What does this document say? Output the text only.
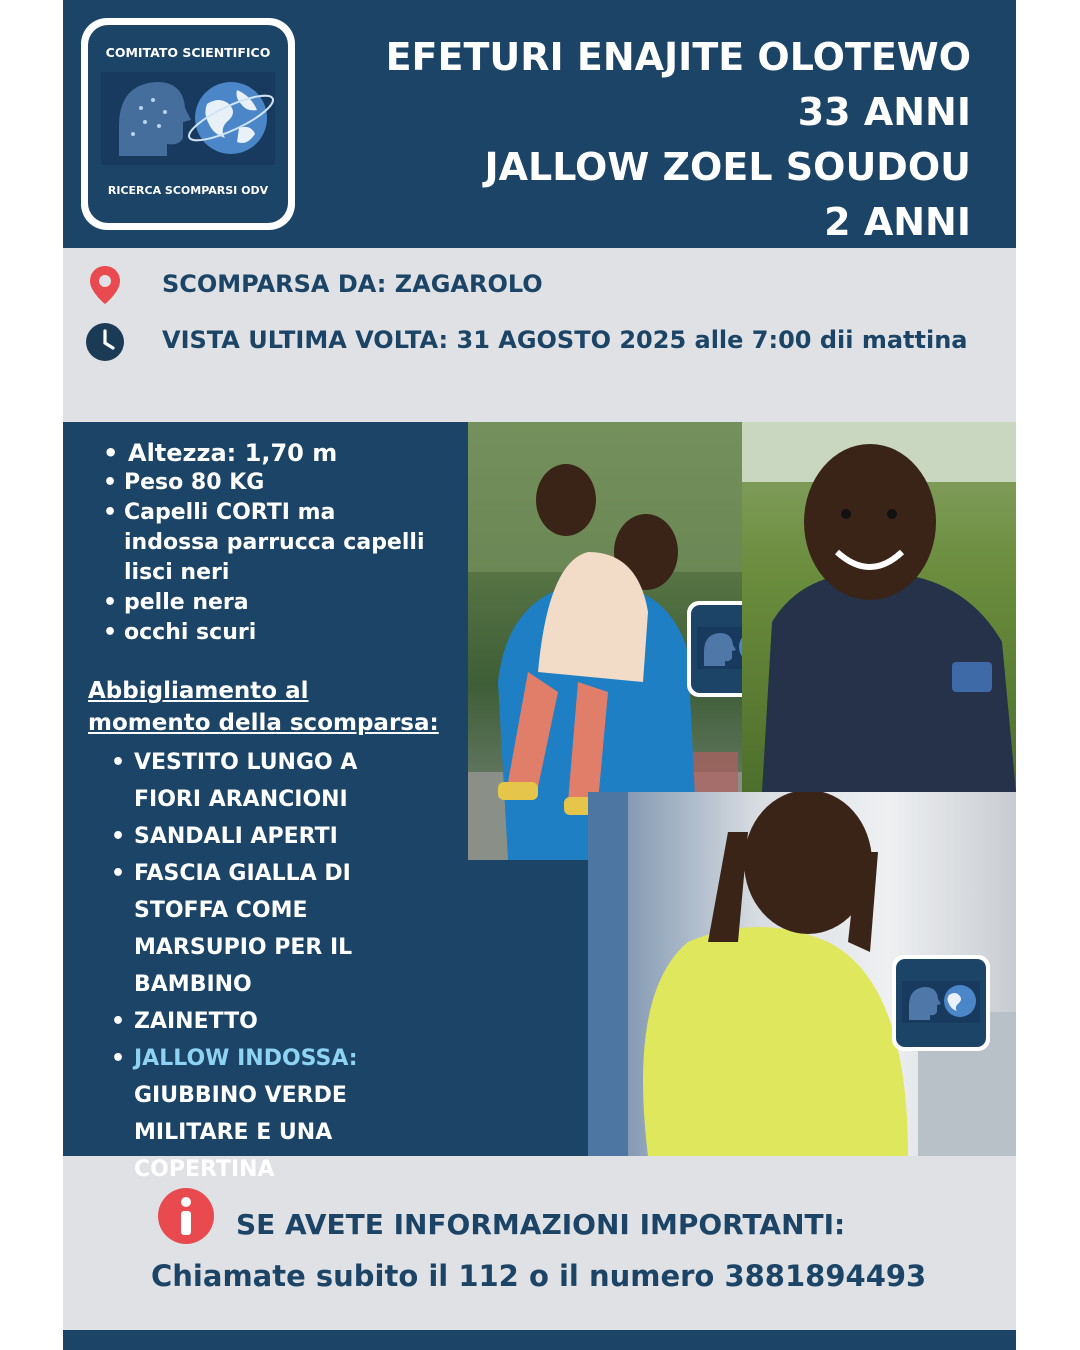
COMITATO SCIENTIFICO
RICERCA SCOMPARSI ODV
EFETURI ENAJITE OLOTEWO
33 ANNI
JALLOW ZOEL SOUDOU
2 ANNI
SCOMPARSA DA: ZAGAROLO
VISTA ULTIMA VOLTA: 31 AGOSTO 2025 alle 7:00 dii mattina
• Altezza: 1,70 m
• Peso 80 KG
• Capelli CORTI ma indossa parrucca capelli lisci neri
• pelle nera
• occhi scuri
Abbigliamento al
momento della scomparsa:
• VESTITO LUNGO A FIORI ARANCIONI
• SANDALI APERTI
• FASCIA GIALLA DI STOFFA COME MARSUPIO PER IL BAMBINO
• ZAINETTO
• JALLOW INDOSSA:
GIUBBINO VERDE MILITARE E UNA COPERTINA
SE AVETE INFORMAZIONI IMPORTANTI:
Chiamate subito il 112 o il numero 3881894493
